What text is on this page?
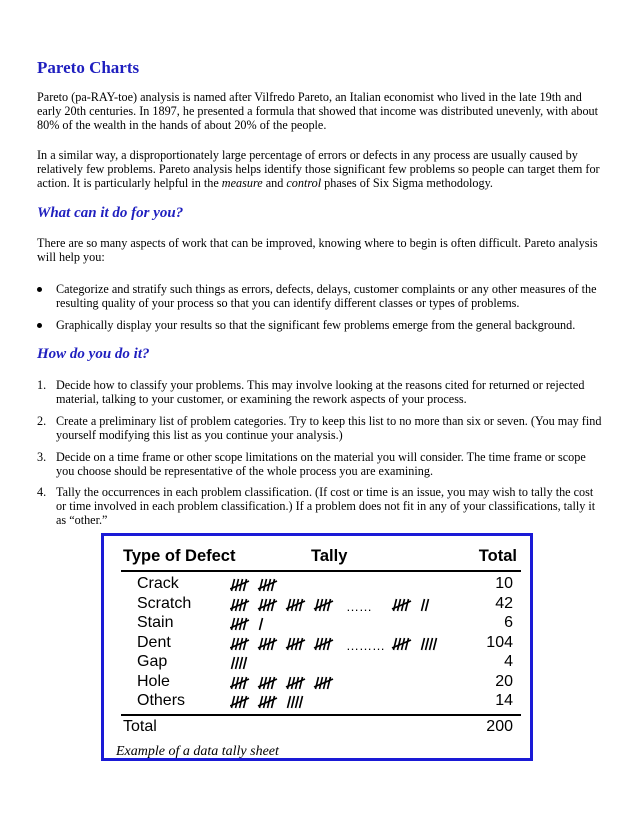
Pareto Charts

Pareto (pa-RAY-toe) analysis is named after Vilfredo Pareto, an Italian economist who lived in the late 19th and early 20th centuries. In 1897, he presented a formula that showed that income was distributed unevenly, with about 80% of the wealth in the hands of about 20% of the people.

In a similar way, a disproportionately large percentage of errors or defects in any process are usually caused by relatively few problems. Pareto analysis helps identify those significant few problems so people can target them for action. It is particularly helpful in the measure and control phases of Six Sigma methodology.

What can it do for you?

There are so many aspects of work that can be improved, knowing where to begin is often difficult. Pareto analysis will help you:

Categorize and stratify such things as errors, defects, delays, customer complaints or any other measures of the resulting quality of your process so that you can identify different classes or types of problems.
Graphically display your results so that the significant few problems emerge from the general background.
How do you do it?
1. Decide how to classify your problems. This may involve looking at the reasons cited for returned or rejected material, talking to your customer, or examining the rework aspects of your process.
2. Create a preliminary list of problem categories. Try to keep this list to no more than six or seven. (You may find yourself modifying this list as you continue your analysis.)
3. Decide on a time frame or other scope limitations on the material you will consider. The time frame or scope you choose should be representative of the whole process you are examining.
4. Tally the occurrences in each problem classification. (If cost or time is an issue, you may wish to tally the cost or time involved in each problem classification.) If a problem does not fit in any of your classifications, tally it as “other.”
Type of Defect	Tally	Total
Crack	10
Scratch	……	42
Stain	6
Dent	………	104
Gap	4
Hole	20
Others	14
Total	200
Example of a data tally sheet
